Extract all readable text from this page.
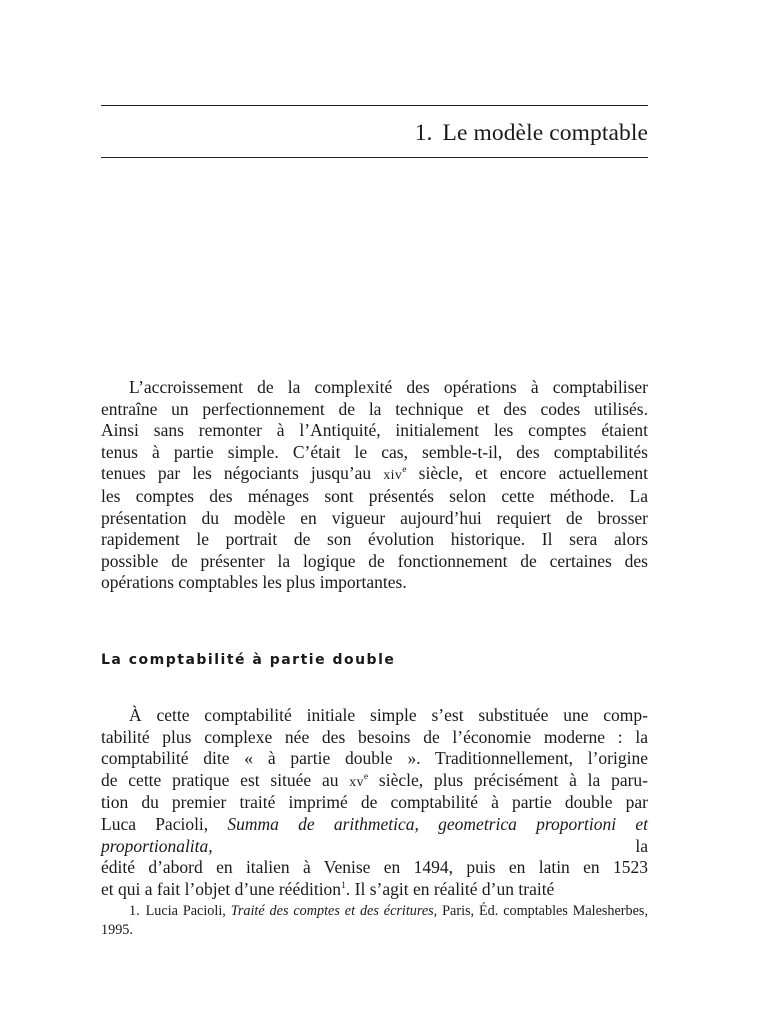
1. Le modèle comptable

L’accroissement de la complexité des opérations à comptabiliser
entraîne un perfectionnement de la technique et des codes utilisés.
Ainsi sans remonter à l’Antiquité, initialement les comptes étaient
tenus à partie simple. C’était le cas, semble-t-il, des comptabilités
tenues par les négociants jusqu’au xiv$^e$ siècle, et encore actuellement
les comptes des ménages sont présentés selon cette méthode. La
présentation du modèle en vigueur aujourd’hui requiert de brosser
rapidement le portrait de son évolution historique. Il sera alors
possible de présenter la logique de fonctionnement de certaines des
opérations comptables les plus importantes.

La comptabilité à partie double

À cette comptabilité initiale simple s’est substituée une comp-
tabilité plus complexe née des besoins de l’économie moderne : la
comptabilité dite « à partie double ». Traditionnellement, l’origine
de cette pratique est située au $xv^e$ siècle, plus précisément à la paru-
tion du premier traité imprimé de comptabilité à partie double par
Luca Pacioli, Summa de arithmetica, geometrica proportioni et proportionalita, la
édité d’abord en italien à Venise en 1494, puis en latin en 1523
et qui a fait l’objet d’une réédition$^1$. Il s’agit en réalité d’un traité

1. Lucia Pacioli, Traité des comptes et des écritures, Paris, Éd. comptables Malesherbes,
1995.
